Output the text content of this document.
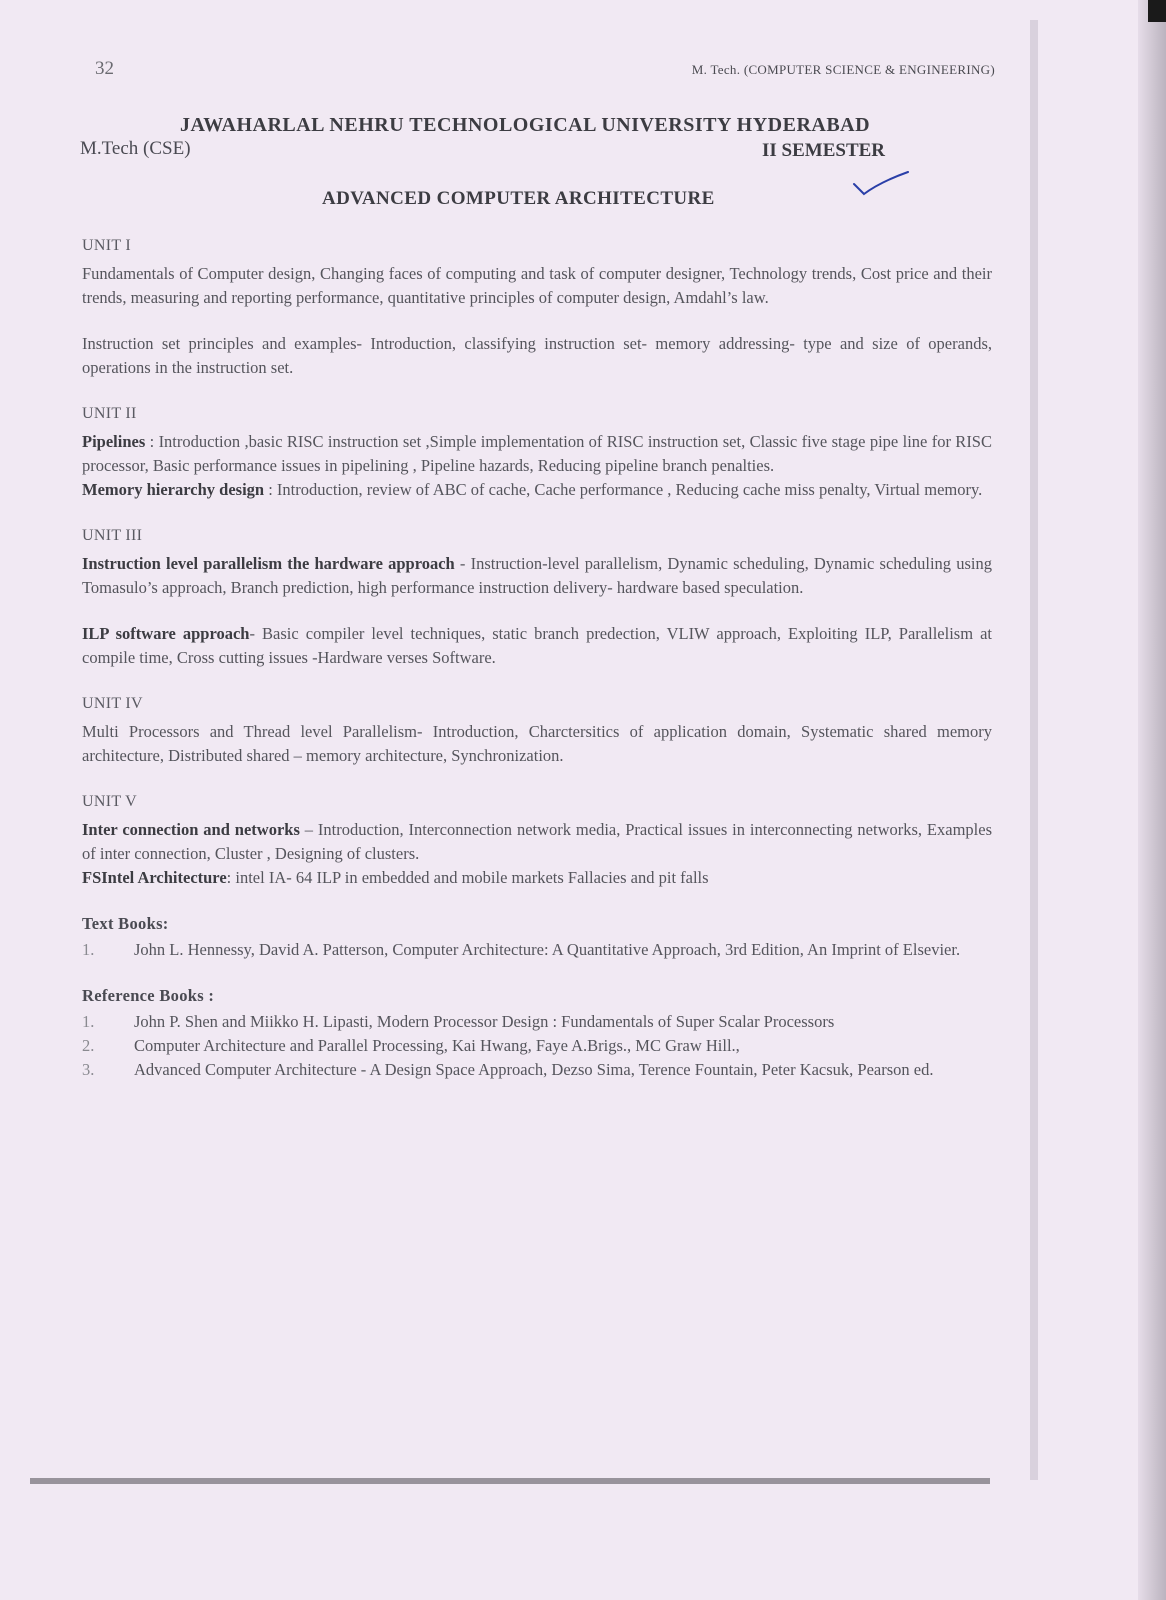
32	M. Tech. (COMPUTER SCIENCE & ENGINEERING)
JAWAHARLAL NEHRU TECHNOLOGICAL UNIVERSITY HYDERABAD
M.Tech (CSE)	II SEMESTER
ADVANCED COMPUTER ARCHITECTURE
UNIT I

Fundamentals of Computer design, Changing faces of computing and task of computer designer, Technology trends, Cost price and their trends, measuring and reporting performance, quantitative principles of computer design, Amdahl’s law.

Instruction set principles and examples- Introduction, classifying instruction set- memory addressing- type and size of operands, operations in the instruction set.

UNIT II

Pipelines : Introduction ,basic RISC instruction set ,Simple implementation of RISC instruction set, Classic five stage pipe line for RISC processor, Basic performance issues in pipelining , Pipeline hazards, Reducing pipeline branch penalties.

Memory hierarchy design : Introduction, review of ABC of cache, Cache performance , Reducing cache miss penalty, Virtual memory.

UNIT III

Instruction level parallelism the hardware approach - Instruction-level parallelism, Dynamic scheduling, Dynamic scheduling using Tomasulo’s approach, Branch prediction, high performance instruction delivery- hardware based speculation.

ILP software approach- Basic compiler level techniques, static branch predection, VLIW approach, Exploiting ILP, Parallelism at compile time, Cross cutting issues -Hardware verses Software.

UNIT IV

Multi Processors and Thread level Parallelism- Introduction, Charctersitics of application domain, Systematic shared memory architecture, Distributed shared – memory architecture, Synchronization.

UNIT V

Inter connection and networks – Introduction, Interconnection network media, Practical issues in interconnecting networks, Examples of inter connection, Cluster , Designing of clusters.

FSIntel Architecture: intel IA- 64 ILP in embedded and mobile markets Fallacies and pit falls

Text Books:
1. John L. Hennessy, David A. Patterson, Computer Architecture: A Quantitative Approach, 3rd Edition, An Imprint of Elsevier.
Reference Books :
1. John P. Shen and Miikko H. Lipasti, Modern Processor Design : Fundamentals of Super Scalar Processors
2. Computer Architecture and Parallel Processing, Kai Hwang, Faye A.Brigs., MC Graw Hill.,
3. Advanced Computer Architecture - A Design Space Approach, Dezso Sima, Terence Fountain, Peter Kacsuk, Pearson ed.
